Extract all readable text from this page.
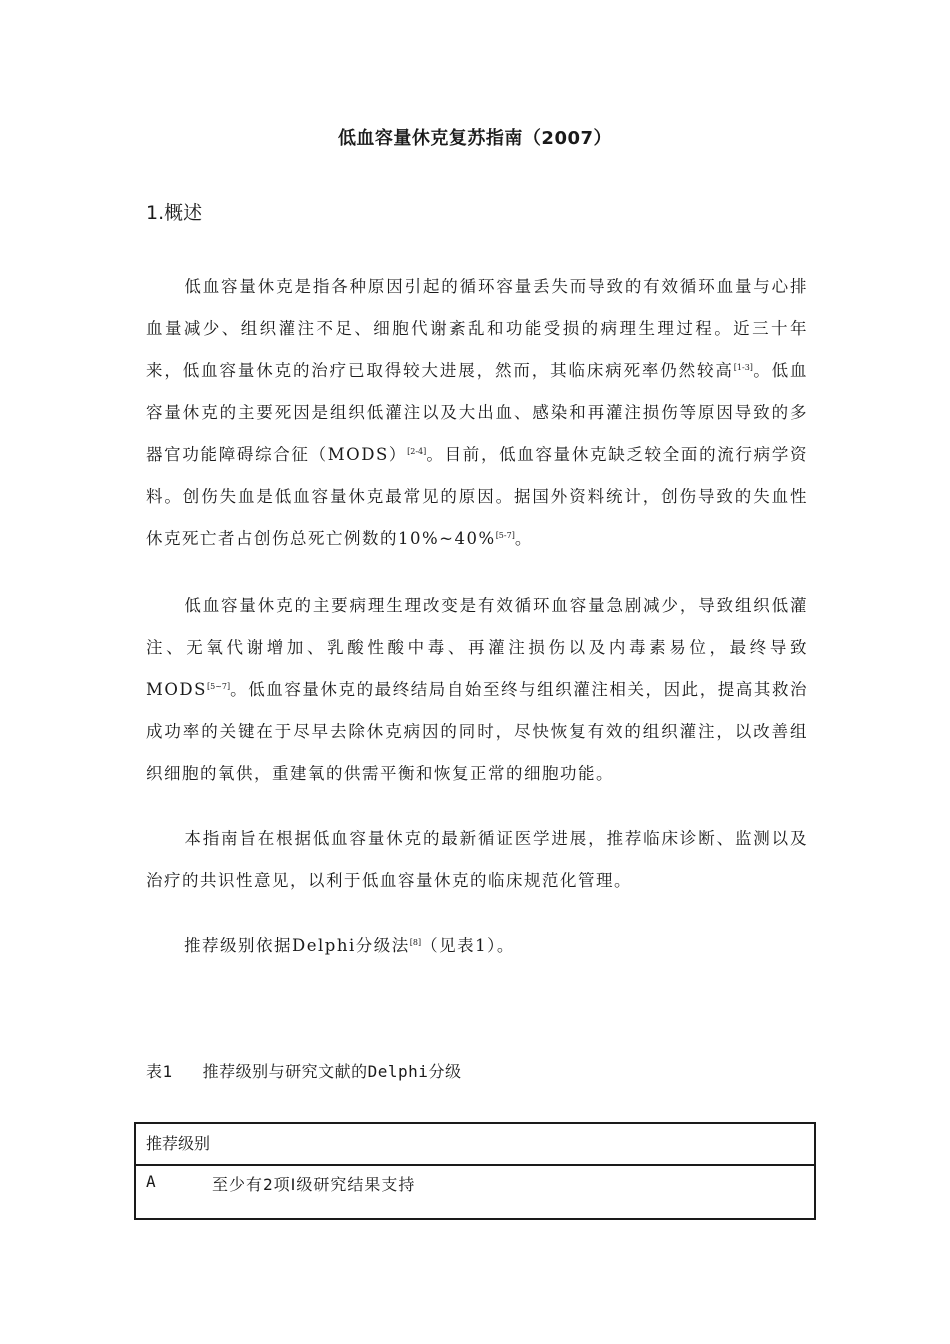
低血容量休克复苏指南（2007）
1.概述
低血容量休克是指各种原因引起的循环容量丢失而导致的有效循环血量与心排血量减少、组织灌注不足、细胞代谢紊乱和功能受损的病理生理过程。近三十年来，低血容量休克的治疗已取得较大进展，然而，其临床病死率仍然较高[1-3]。低血容量休克的主要死因是组织低灌注以及大出血、感染和再灌注损伤等原因导致的多器官功能障碍综合征（MODS）[2-4]。目前，低血容量休克缺乏较全面的流行病学资料。创伤失血是低血容量休克最常见的原因。据国外资料统计，创伤导致的失血性休克死亡者占创伤总死亡例数的10%~40%[5-7]。
低血容量休克的主要病理生理改变是有效循环血容量急剧减少，导致组织低灌注、无氧代谢增加、乳酸性酸中毒、再灌注损伤以及内毒素易位，最终导致MODS[5~7]。低血容量休克的最终结局自始至终与组织灌注相关，因此，提高其救治成功率的关键在于尽早去除休克病因的同时，尽快恢复有效的组织灌注，以改善组织细胞的氧供，重建氧的供需平衡和恢复正常的细胞功能。
本指南旨在根据低血容量休克的最新循证医学进展，推荐临床诊断、监测以及治疗的共识性意见，以利于低血容量休克的临床规范化管理。
推荐级别依据Delphi分级法[8]（见表1）。
表1 推荐级别与研究文献的Delphi分级
推荐级别
A	至少有2项Ⅰ级研究结果支持
